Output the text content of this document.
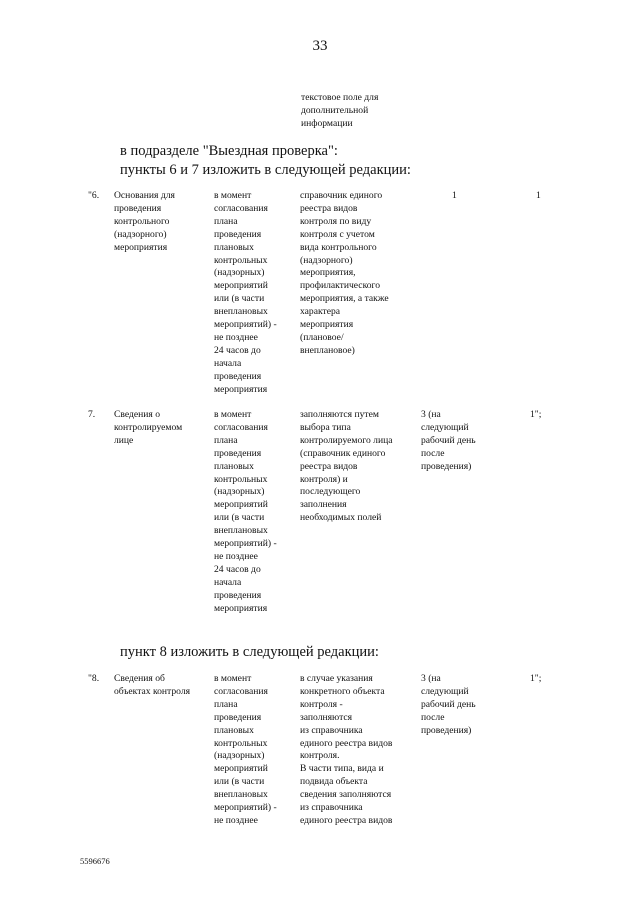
33
текстовое поле для
дополнительной
информации
в подразделе "Выездная проверка":
пункты 6 и 7 изложить в следующей редакции:
"6. Основания для
проведения
контрольного
(надзорного)
мероприятия
в момент
согласования
плана
проведения
плановых
контрольных
(надзорных)
мероприятий
или (в части
внеплановых
мероприятий) -
не позднее
24 часов до
начала
проведения
мероприятия
справочник единого
реестра видов
контроля по виду
контроля с учетом
вида контрольного
(надзорного)
мероприятия,
профилактического
мероприятия, а также
характера
мероприятия
(плановое/
внеплановое)
1	1
7. Сведения о
контролируемом
лице
в момент
согласования
плана
проведения
плановых
контрольных
(надзорных)
мероприятий
или (в части
внеплановых
мероприятий) -
не позднее
24 часов до
начала
проведения
мероприятия
заполняются путем
выбора типа
контролируемого лица
(справочник единого
реестра видов
контроля) и
последующего
заполнения
необходимых полей
3 (на
следующий
рабочий день
после
проведения)
1";
пункт 8 изложить в следующей редакции:
"8. Сведения об
объектах контроля
в момент
согласования
плана
проведения
плановых
контрольных
(надзорных)
мероприятий
или (в части
внеплановых
мероприятий) -
не позднее
в случае указания
конкретного объекта
контроля -
заполняются
из справочника
единого реестра видов
контроля.
В части типа, вида и
подвида объекта
сведения заполняются
из справочника
единого реестра видов
3 (на
следующий
рабочий день
после
проведения)
1";
5596676
